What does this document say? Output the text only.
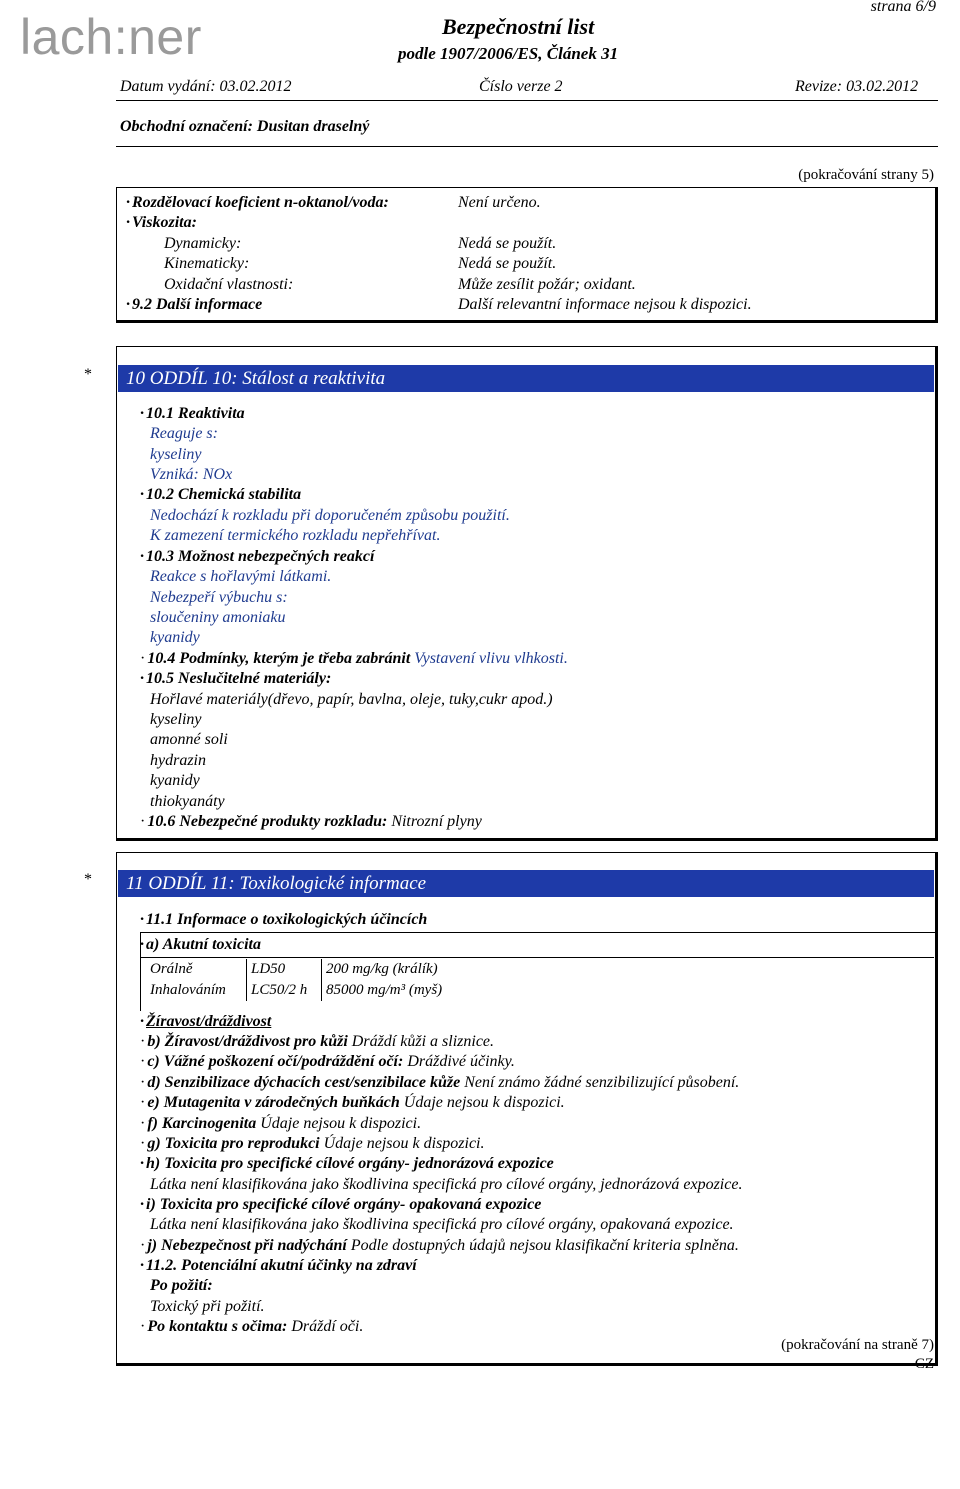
lach:ner
strana 6/9
Bezpečnostní list
podle 1907/2006/ES, Článek 31
Datum vydání: 03.02.2012	Číslo verze 2	Revize: 03.02.2012
Obchodní označení: Dusitan draselný
(pokračování strany 5)
· Rozdělovací koeficient n-oktanol/voda:	Není určeno.
· Viskozita:
Dynamicky:	Nedá se použít.
Kinematicky:	Nedá se použít.
Oxidační vlastnosti:	Může zesílit požár; oxidant.
· 9.2 Další informace	Další relevantní informace nejsou k dispozici.
*	10 ODDÍL 10: Stálost a reaktivita
· 10.1 Reaktivita
Reaguje s:
kyseliny
Vzniká: NOx
· 10.2 Chemická stabilita
Nedochází k rozkladu při doporučeném způsobu použití.
K zamezení termického rozkladu nepřehřívat.
· 10.3 Možnost nebezpečných reakcí
Reakce s hořlavými látkami.
Nebezpeří výbuchu s:
sloučeniny amoniaku
kyanidy
· 10.4 Podmínky, kterým je třeba zabránit Vystavení vlivu vlhkosti.
· 10.5 Neslučitelné materiály:
Hořlavé materiály(dřevo, papír, bavlna, oleje, tuky,cukr apod.)
kyseliny
amonné soli
hydrazin
kyanidy
thiokyanáty
· 10.6 Nebezpečné produkty rozkladu: Nitrozní plyny
*	11 ODDÍL 11: Toxikologické informace
· 11.1 Informace o toxikologických účincích
· a) Akutní toxicita
Orálně	LD50	200 mg/kg (králík)
Inhalováním	LC50/2 h	85000 mg/m³ (myš)
· Žíravost/dráždivost
· b) Žíravost/dráždivost pro kůži Dráždí kůži a sliznice.
· c) Vážné poškození očí/podráždění očí: Dráždivé účinky.
· d) Senzibilizace dýchacích cest/senzibilace kůže Není známo žádné senzibilizující působení.
· e) Mutagenita v zárodečných buňkách Údaje nejsou k dispozici.
· f) Karcinogenita Údaje nejsou k dispozici.
· g) Toxicita pro reprodukci Údaje nejsou k dispozici.
· h) Toxicita pro specifické cílové orgány- jednorázová expozice
Látka není klasifikována jako škodlivina specifická pro cílové orgány, jednorázová expozice.
· i) Toxicita pro specifické cílové orgány- opakovaná expozice
Látka není klasifikována jako škodlivina specifická pro cílové orgány, opakovaná expozice.
· j) Nebezpečnost při nadýchání Podle dostupných údajů nejsou klasifikační kriteria splněna.
· 11.2. Potenciální akutní účinky na zdraví
Po požití:
Toxický při požití.
· Po kontaktu s očima: Dráždí oči.
(pokračování na straně 7)
CZ
